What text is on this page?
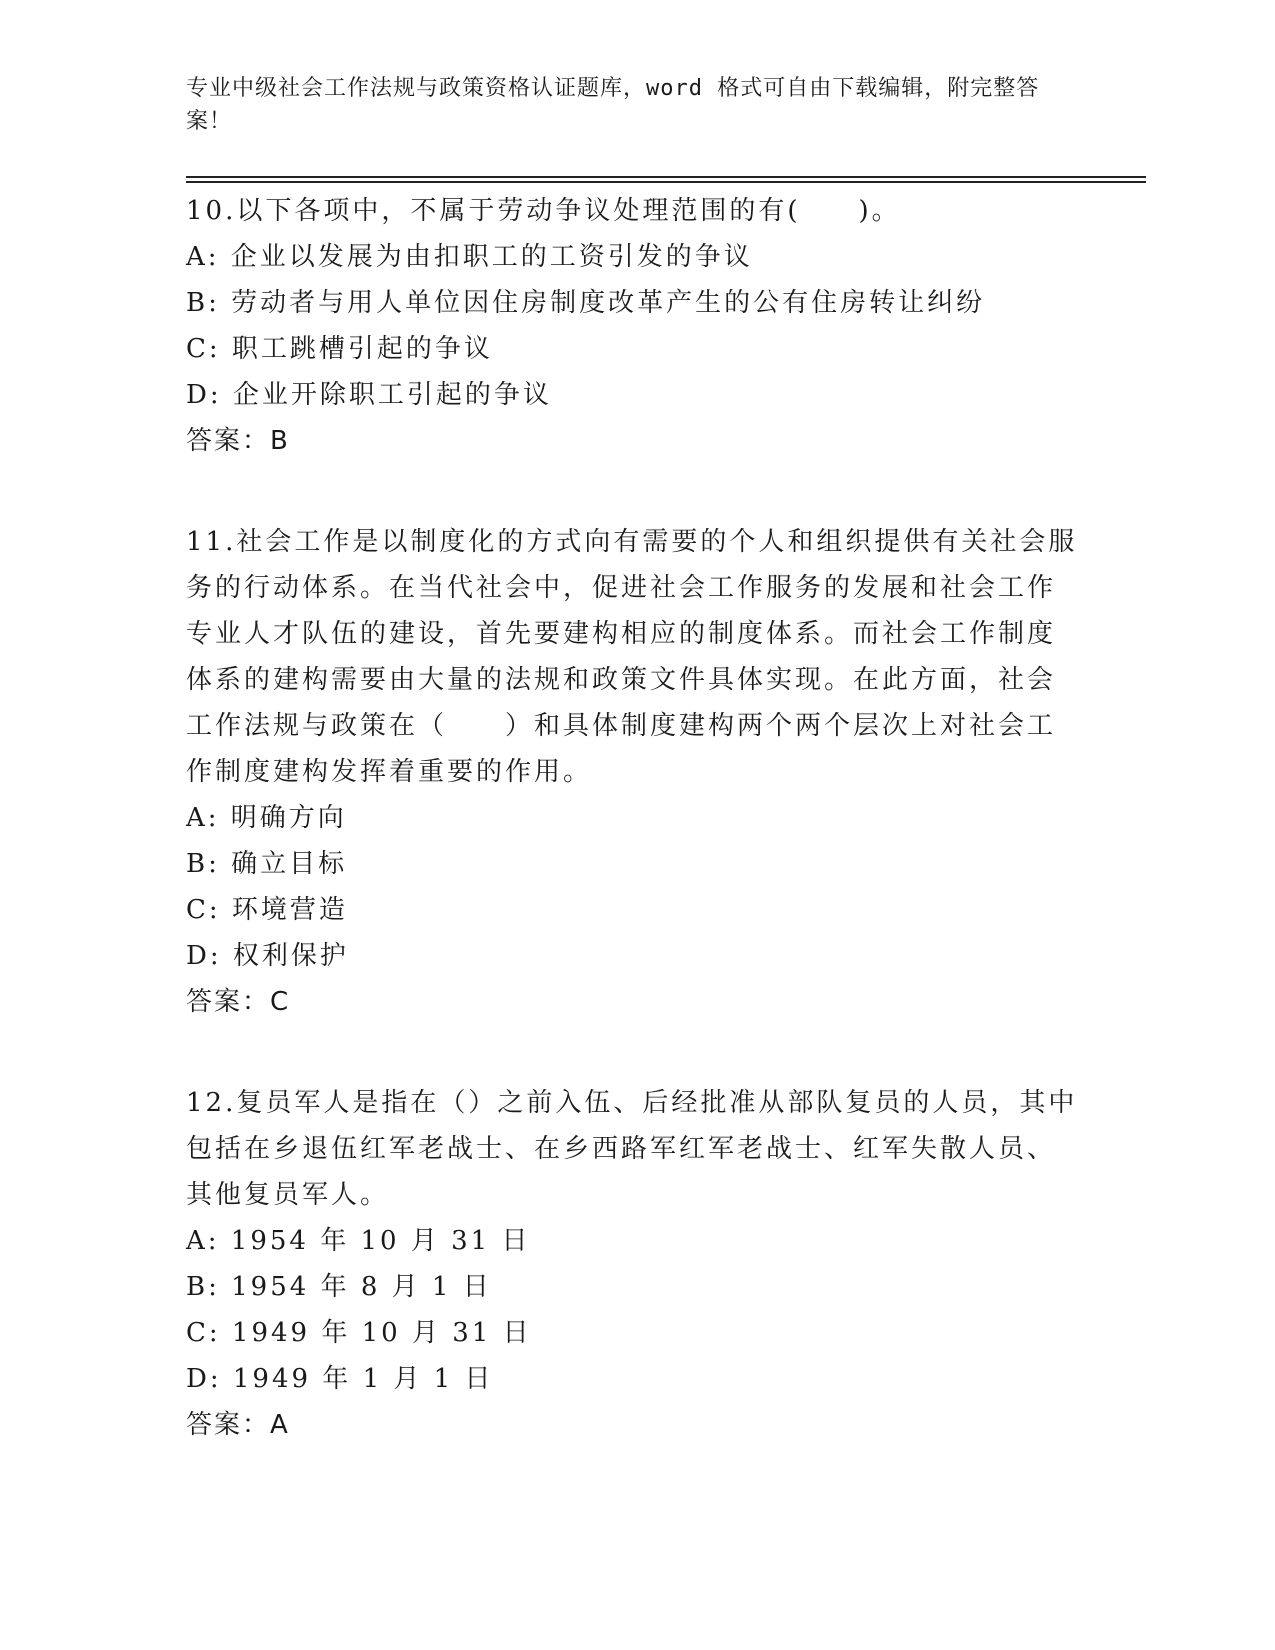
专业中级社会工作法规与政策资格认证题库，word 格式可自由下载编辑，附完整答案！
10.以下各项中，不属于劳动争议处理范围的有(　　)。
A: 企业以发展为由扣职工的工资引发的争议
B: 劳动者与用人单位因住房制度改革产生的公有住房转让纠纷
C: 职工跳槽引起的争议
D: 企业开除职工引起的争议
答案：B
11.社会工作是以制度化的方式向有需要的个人和组织提供有关社会服
务的行动体系。在当代社会中，促进社会工作服务的发展和社会工作
专业人才队伍的建设，首先要建构相应的制度体系。而社会工作制度
体系的建构需要由大量的法规和政策文件具体实现。在此方面，社会
工作法规与政策在（　　）和具体制度建构两个两个层次上对社会工
作制度建构发挥着重要的作用。
A: 明确方向
B: 确立目标
C: 环境营造
D: 权利保护
答案：C
12.复员军人是指在（）之前入伍、后经批准从部队复员的人员，其中
包括在乡退伍红军老战士、在乡西路军红军老战士、红军失散人员、
其他复员军人。
A: 1954 年 10 月 31 日
B: 1954 年 8 月 1 日
C: 1949 年 10 月 31 日
D: 1949 年 1 月 1 日
答案：A
